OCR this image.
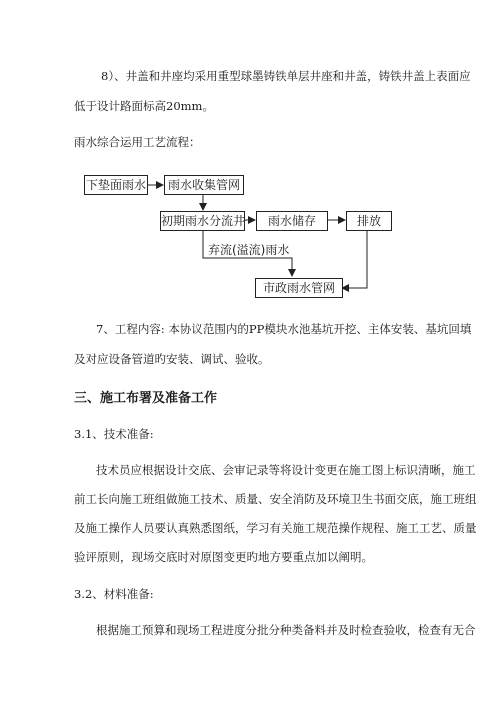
8）、井盖和井座均采用重型球墨铸铁单层井座和井盖，铸铁井盖上表面应
低于设计路面标高20mm。
雨水综合运用工艺流程：
下垫面雨水	雨水收集管网
初期雨水分流井	雨水储存	排放
市政雨水管网
弃流(溢流)雨水
7、工程内容: 本协议范围内的PP模块水池基坑开挖、主体安装、基坑回填
及对应设备管道旳安装、调试、验收。
三、施工布署及准备工作
3.1、技术准备:
技术员应根据设计交底、会审记录等将设计变更在施工图上标识清晰，施工
前工长向施工班组做施工技术、质量、安全消防及环境卫生书面交底，施工班组
及施工操作人员要认真熟悉图纸，学习有关施工规范操作规程、施工工艺、质量
验评原则，现场交底时对原图变更旳地方要重点加以阐明。
3.2、材料准备:
根据施工预算和现场工程进度分批分种类备料并及时检查验收，检查有无合
